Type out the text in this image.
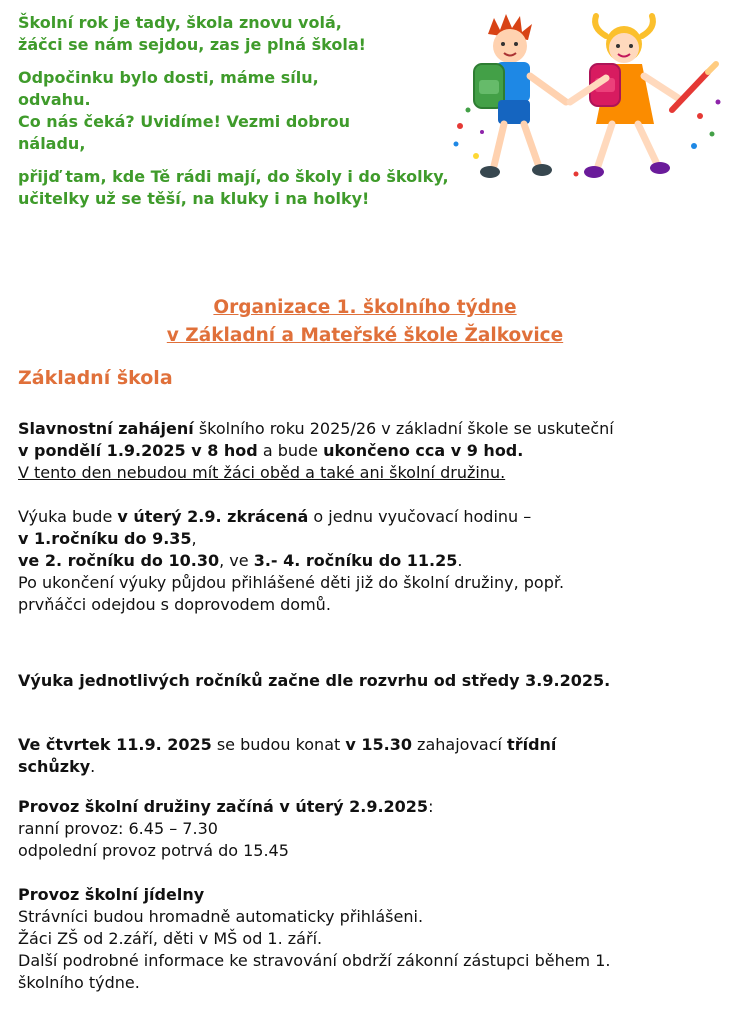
Školní rok je tady, škola znovu volá,
žáčci se nám sejdou, zas je plná škola!

Odpočinku bylo dosti, máme sílu,
odvahu.
Co nás čeká? Uvidíme! Vezmi dobrou
náladu,

přijď tam, kde Tě rádi mají, do školy i do školky,
učitelky už se těší, na kluky i na holky!

Organizace 1. školního týdne
v Základní a Mateřské škole Žalkovice
Základní škola
Slavnostní zahájení školního roku 2025/26 v základní škole se uskuteční
v pondělí 1.9.2025 v 8 hod a bude ukončeno cca v 9 hod.
V tento den nebudou mít žáci oběd a také ani školní družinu.
Výuka bude v úterý 2.9. zkrácená o jednu vyučovací hodinu –
v 1.ročníku do 9.35,
ve 2. ročníku do 10.30, ve 3.- 4. ročníku do 11.25.
Po ukončení výuky půjdou přihlášené děti již do školní družiny, popř.
prvňáčci odejdou s doprovodem domů.
Výuka jednotlivých ročníků začne dle rozvrhu od středy 3.9.2025.
Ve čtvrtek 11.9. 2025 se budou konat v 15.30 zahajovací třídní
schůzky.
Provoz školní družiny začíná v úterý 2.9.2025:
ranní provoz: 6.45 – 7.30
odpolední provoz potrvá do 15.45
Provoz školní jídelny
Strávníci budou hromadně automaticky přihlášeni.
Žáci ZŠ od 2.září, děti v MŠ od 1. září.
Další podrobné informace ke stravování obdrží zákonní zástupci během 1.
školního týdne.
